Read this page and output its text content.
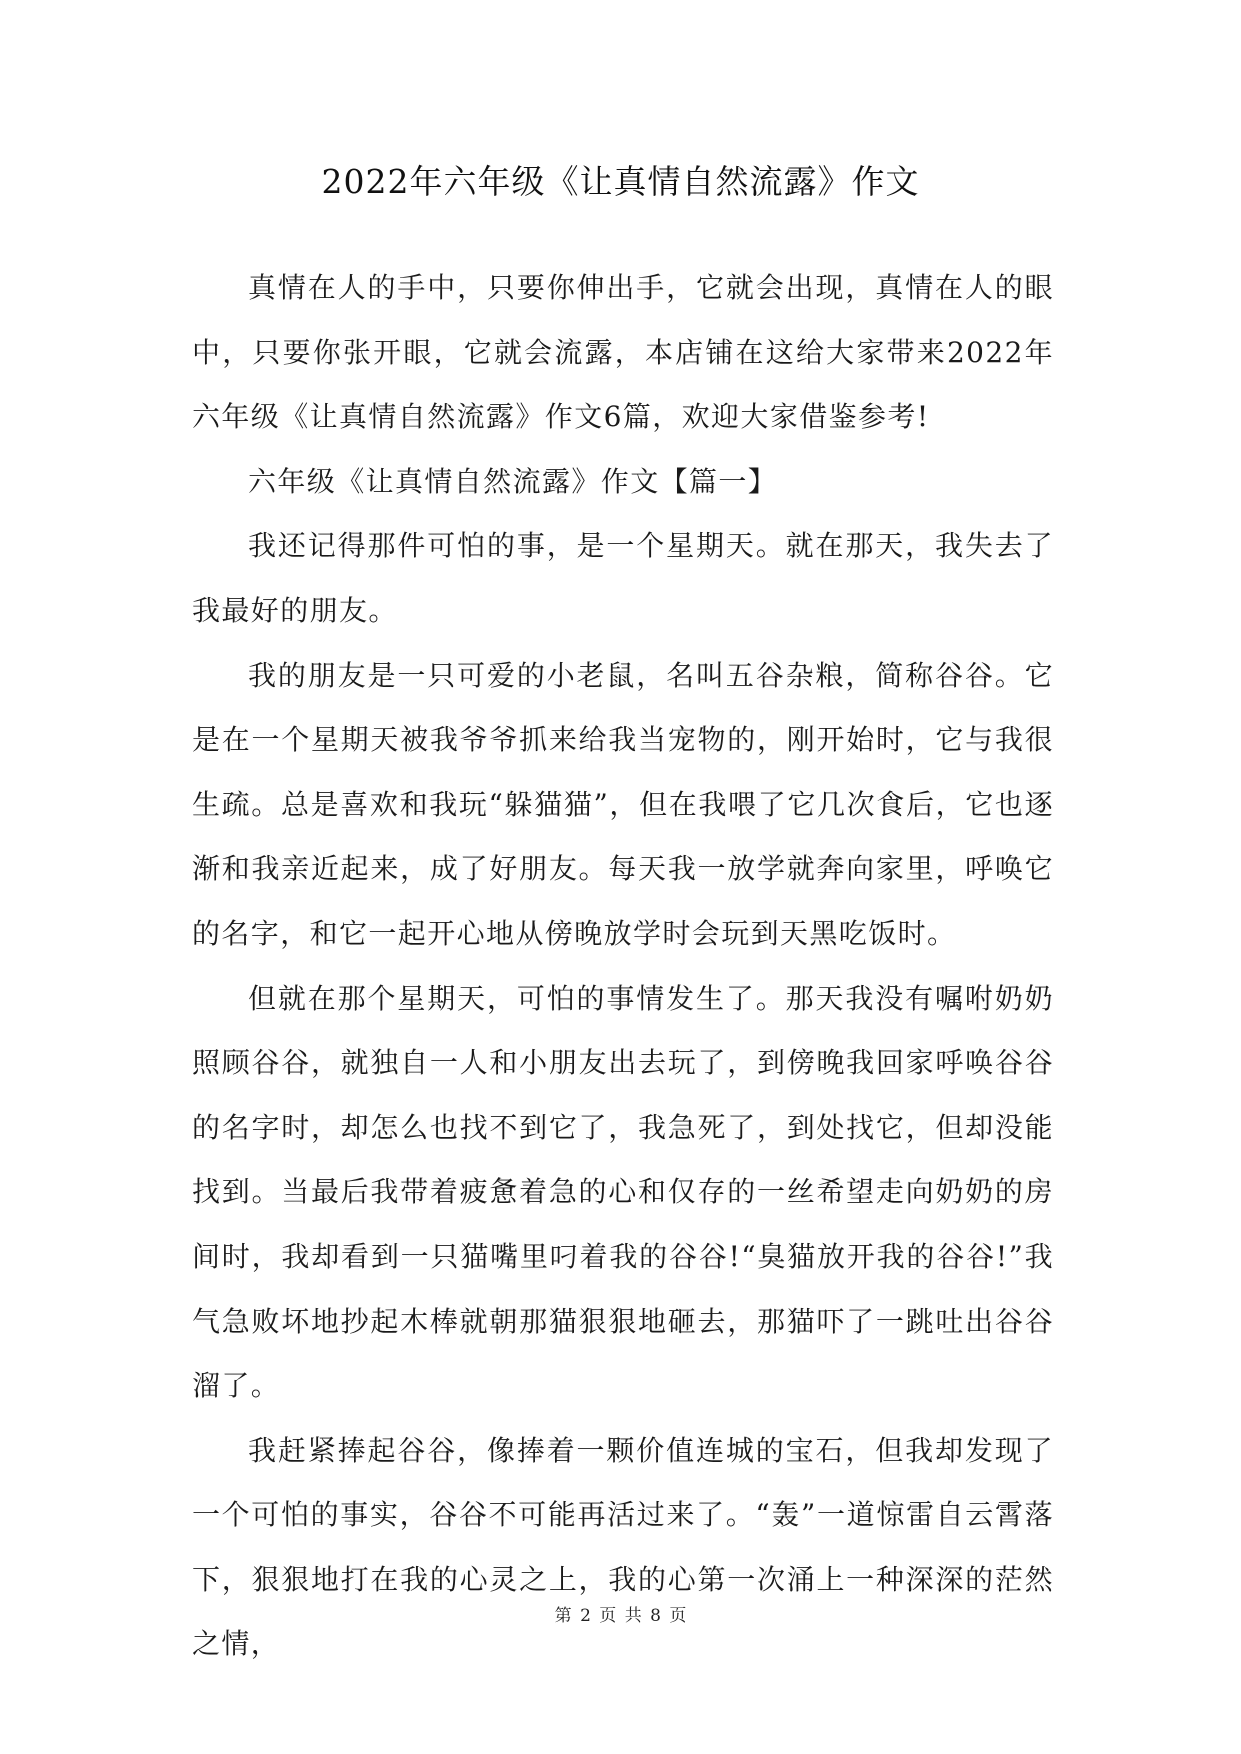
2022年六年级《让真情自然流露》作文

真情在人的手中，只要你伸出手，它就会出现，真情在人的眼中，只要你张开眼，它就会流露，本店铺在这给大家带来2022年六年级《让真情自然流露》作文6篇，欢迎大家借鉴参考!

六年级《让真情自然流露》作文【篇一】

我还记得那件可怕的事，是一个星期天。就在那天，我失去了我最好的朋友。

我的朋友是一只可爱的小老鼠，名叫五谷杂粮，简称谷谷。它是在一个星期天被我爷爷抓来给我当宠物的，刚开始时，它与我很生疏。总是喜欢和我玩“躲猫猫”，但在我喂了它几次食后，它也逐渐和我亲近起来，成了好朋友。每天我一放学就奔向家里，呼唤它的名字，和它一起开心地从傍晚放学时会玩到天黑吃饭时。

但就在那个星期天，可怕的事情发生了。那天我没有嘱咐奶奶照顾谷谷，就独自一人和小朋友出去玩了，到傍晚我回家呼唤谷谷的名字时，却怎么也找不到它了，我急死了，到处找它，但却没能找到。当最后我带着疲惫着急的心和仅存的一丝希望走向奶奶的房间时，我却看到一只猫嘴里叼着我的谷谷!“臭猫放开我的谷谷!”我气急败坏地抄起木棒就朝那猫狠狠地砸去，那猫吓了一跳吐出谷谷溜了。

我赶紧捧起谷谷，像捧着一颗价值连城的宝石，但我却发现了一个可怕的事实，谷谷不可能再活过来了。“轰”一道惊雷自云霄落下，狠狠地打在我的心灵之上，我的心第一次涌上一种深深的茫然之情，

第 2 页 共 8 页
